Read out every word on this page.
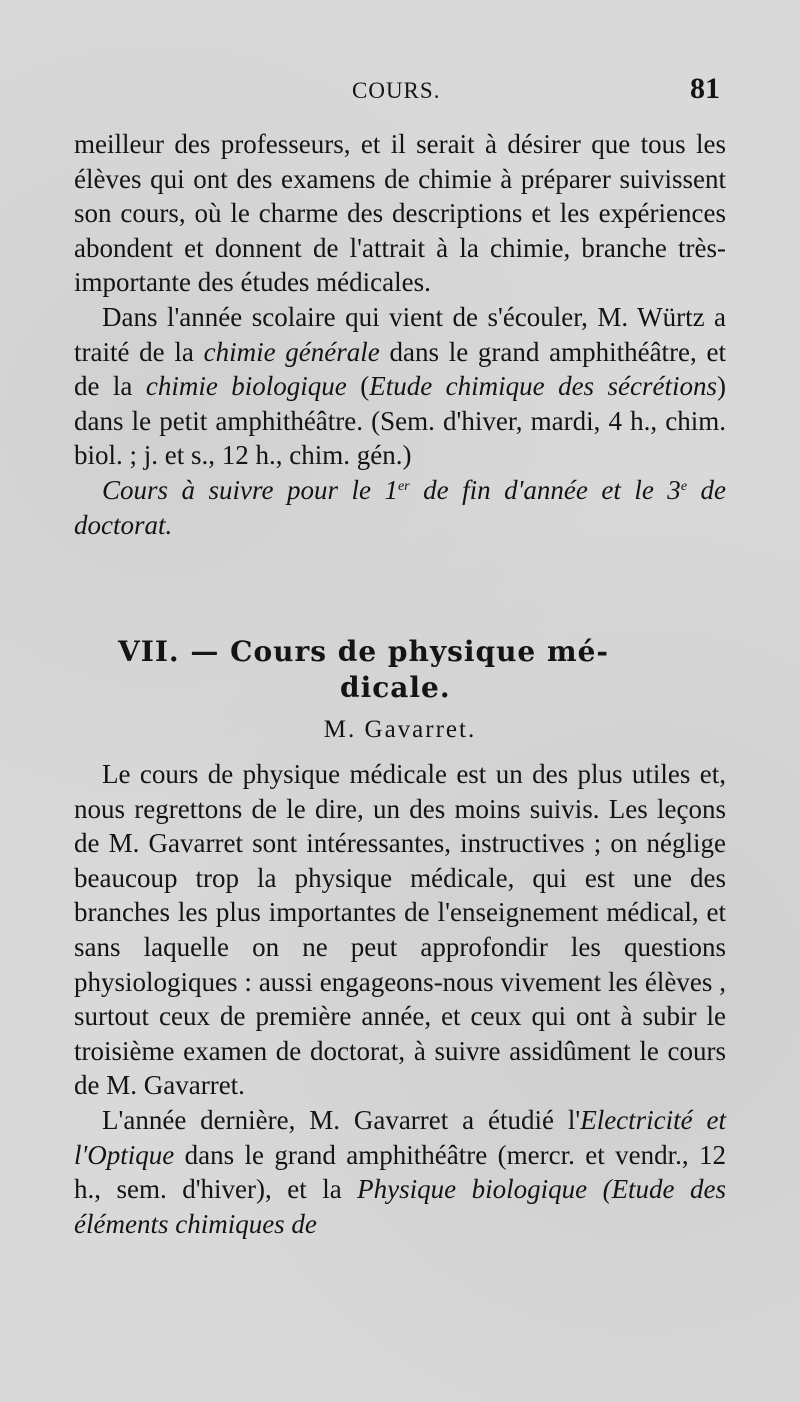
COURS.	81

meilleur des professeurs, et il serait à désirer que tous les élèves qui ont des examens de chimie à préparer suivissent son cours, où le charme des descriptions et les expériences abondent et donnent de l'attrait à la chimie, branche très-importante des études médicales.

Dans l'année scolaire qui vient de s'écouler, M. Würtz a traité de la chimie générale dans le grand amphithéâtre, et de la chimie biologique (Etude chimique des sécrétions) dans le petit amphithéâtre. (Sem. d'hiver, mardi, 4 h., chim. biol. ; j. et s., 12 h., chim. gén.)

Cours à suivre pour le 1er de fin d'année et le 3e de doctorat.

VII. — Cours de physique mé-
dicale.
M. Gavarret.

Le cours de physique médicale est un des plus utiles et, nous regrettons de le dire, un des moins suivis. Les leçons de M. Gavarret sont intéressantes, instructives ; on néglige beaucoup trop la physique médicale, qui est une des branches les plus importantes de l'enseignement médical, et sans laquelle on ne peut approfondir les questions physiologiques : aussi engageons-nous vivement les élèves , surtout ceux de première année, et ceux qui ont à subir le troisième examen de doctorat, à suivre assidûment le cours de M. Gavarret.

L'année dernière, M. Gavarret a étudié l'Electricité et l'Optique dans le grand amphithéâtre (mercr. et vendr., 12 h., sem. d'hiver), et la Physique biologique (Etude des éléments chimiques de
